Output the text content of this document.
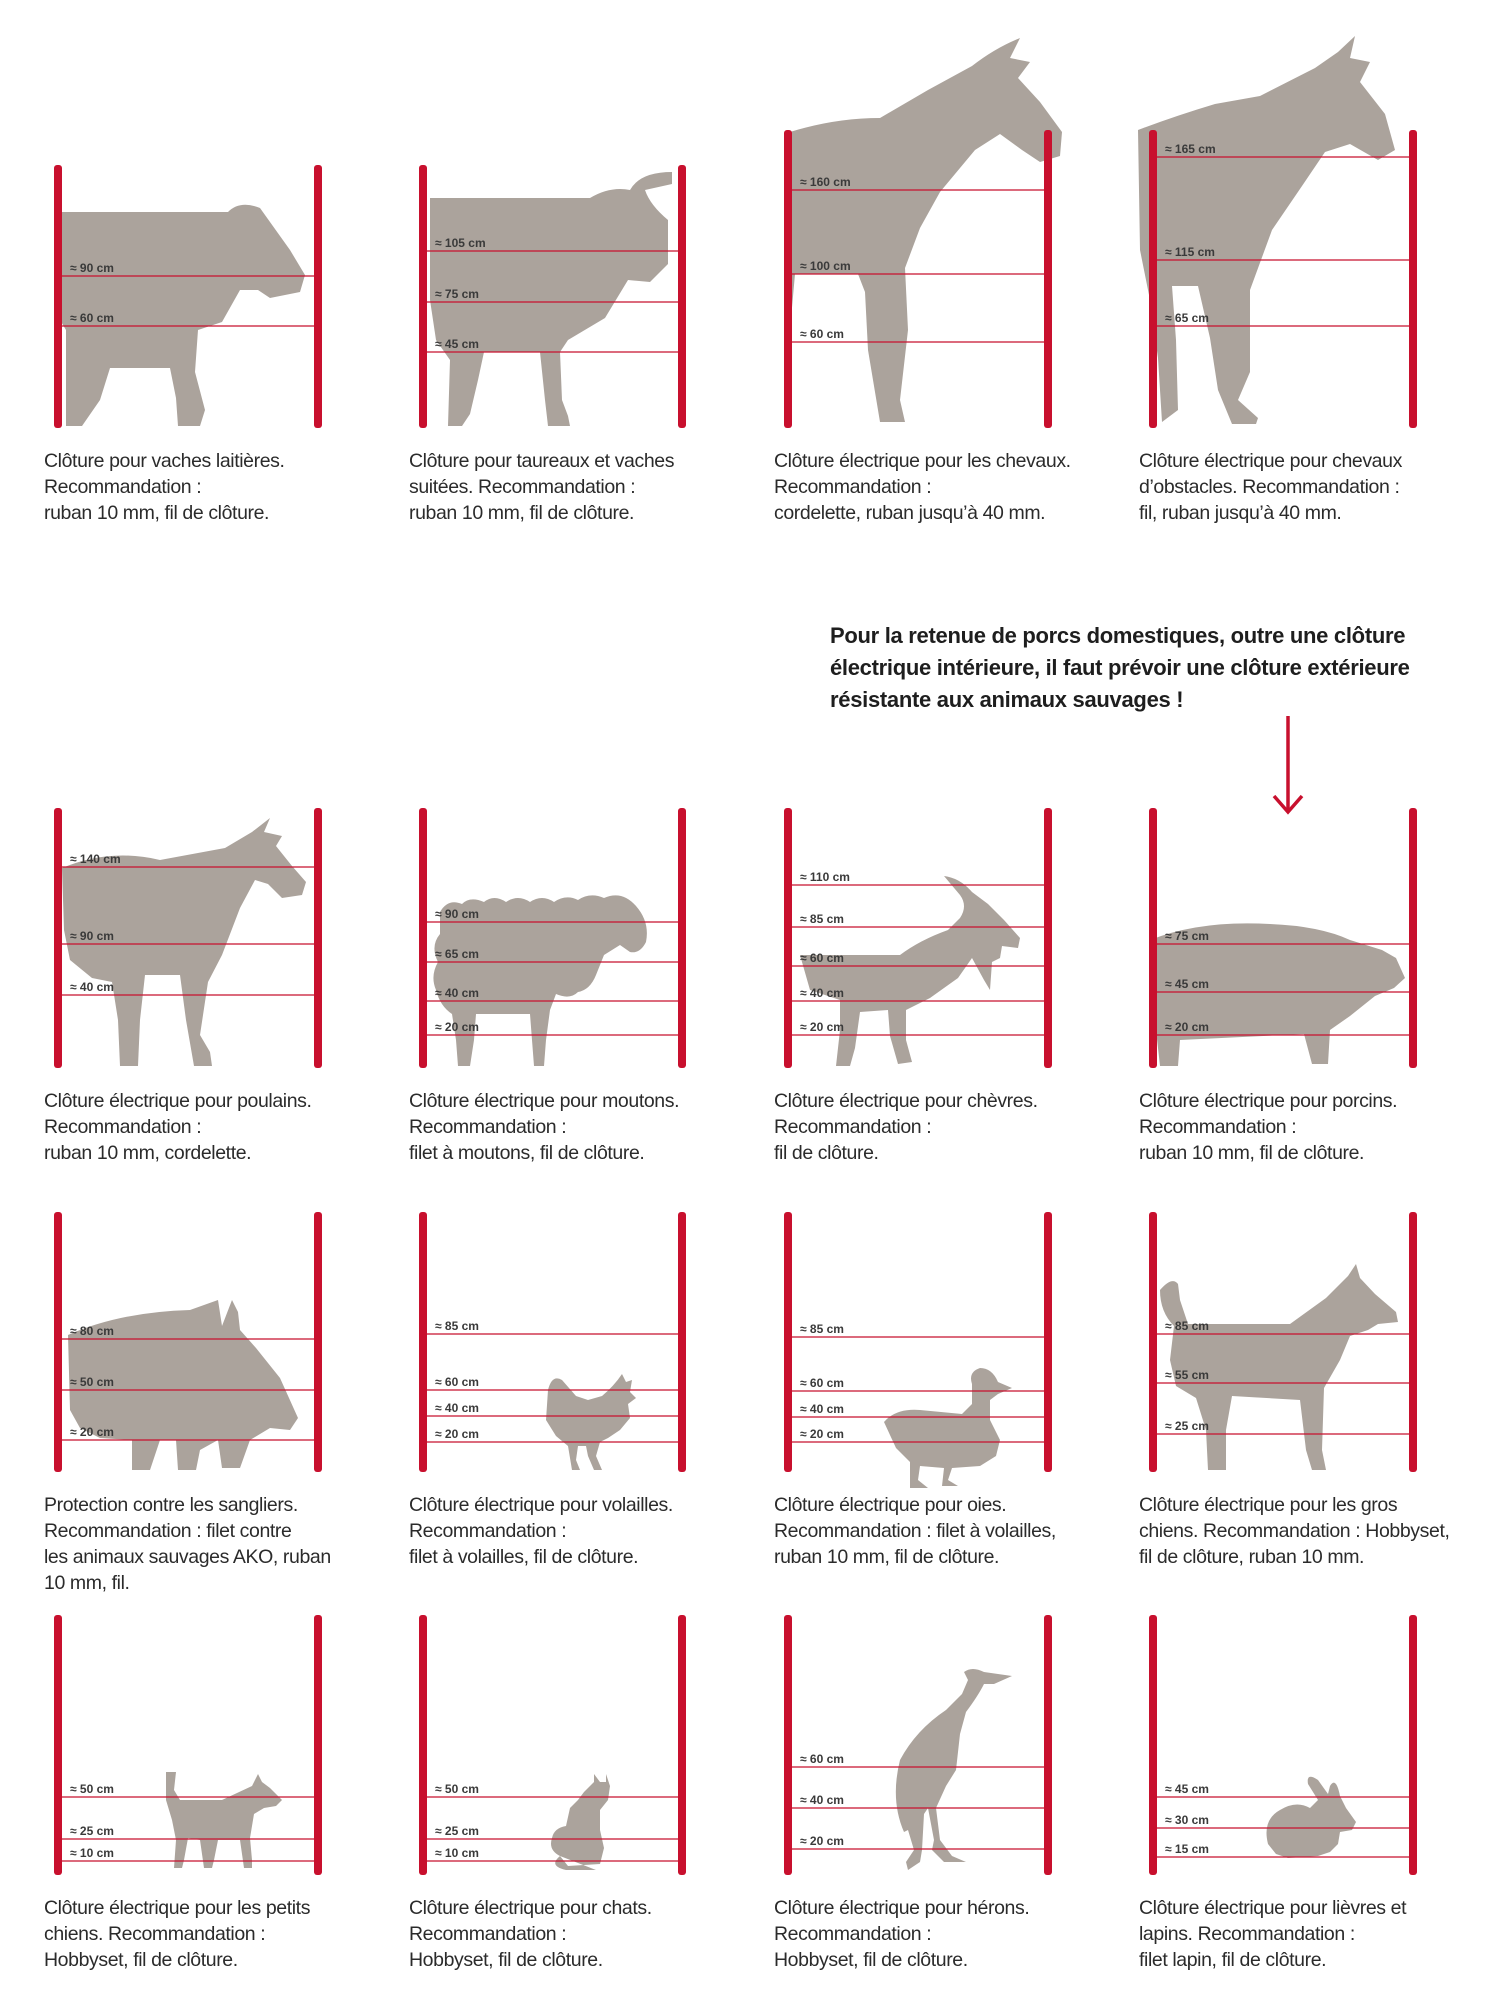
Pour la retenue de porcs domestiques, outre une clôture
électrique intérieure, il faut prévoir une clôture extérieure
résistante aux animaux sauvages !
≈ 90 cm
≈ 60 cm
Clôture pour vaches laitières.
Recommandation :
ruban 10 mm, fil de clôture.
≈ 105 cm
≈ 75 cm
≈ 45 cm
Clôture pour taureaux et vaches
suitées. Recommandation :
ruban 10 mm, fil de clôture.
≈ 160 cm
≈ 100 cm
≈ 60 cm
Clôture électrique pour les chevaux.
Recommandation :
cordelette, ruban jusqu’à 40 mm.
≈ 165 cm
≈ 115 cm
≈ 65 cm
Clôture électrique pour chevaux
d’obstacles. Recommandation :
fil, ruban jusqu’à 40 mm.
≈ 140 cm
≈ 90 cm
≈ 40 cm
Clôture électrique pour poulains.
Recommandation :
ruban 10 mm, cordelette.
≈ 90 cm
≈ 65 cm
≈ 40 cm
≈ 20 cm
Clôture électrique pour moutons.
Recommandation :
filet à moutons, fil de clôture.
≈ 110 cm
≈ 85 cm
≈ 60 cm
≈ 40 cm
≈ 20 cm
Clôture électrique pour chèvres.
Recommandation :
fil de clôture.
≈ 75 cm
≈ 45 cm
≈ 20 cm
Clôture électrique pour porcins.
Recommandation :
ruban 10 mm, fil de clôture.
≈ 80 cm
≈ 50 cm
≈ 20 cm
Protection contre les sangliers.
Recommandation : filet contre
les animaux sauvages AKO, ruban
10 mm, fil.
≈ 85 cm
≈ 60 cm
≈ 40 cm
≈ 20 cm
Clôture électrique pour volailles.
Recommandation :
filet à volailles, fil de clôture.
≈ 85 cm
≈ 60 cm
≈ 40 cm
≈ 20 cm
Clôture électrique pour oies.
Recommandation : filet à volailles,
ruban 10 mm, fil de clôture.
≈ 85 cm
≈ 55 cm
≈ 25 cm
Clôture électrique pour les gros
chiens. Recommandation : Hobbyset,
fil de clôture, ruban 10 mm.
≈ 50 cm
≈ 25 cm
≈ 10 cm
Clôture électrique pour les petits
chiens. Recommandation :
Hobbyset, fil de clôture.
≈ 50 cm
≈ 25 cm
≈ 10 cm
Clôture électrique pour chats.
Recommandation :
Hobbyset, fil de clôture.
≈ 60 cm
≈ 40 cm
≈ 20 cm
Clôture électrique pour hérons.
Recommandation :
Hobbyset, fil de clôture.
≈ 45 cm
≈ 30 cm
≈ 15 cm
Clôture électrique pour lièvres et
lapins. Recommandation :
filet lapin, fil de clôture.
